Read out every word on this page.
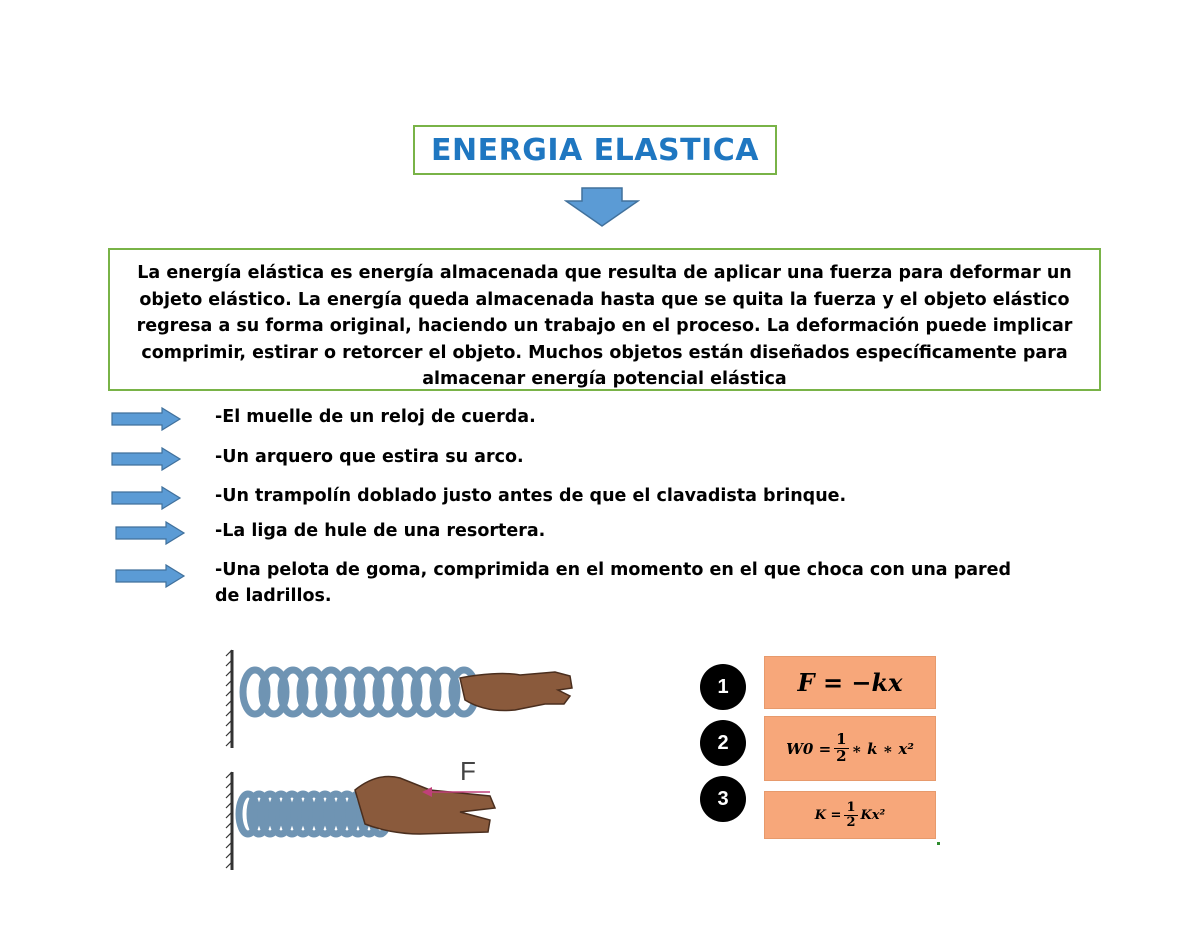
ENERGIA ELASTICA
La energía elástica es energía almacenada que resulta de aplicar una fuerza para deformar un objeto elástico. La energía queda almacenada hasta que se quita la fuerza y el objeto elástico regresa a su forma original, haciendo un trabajo en el proceso. La deformación puede implicar comprimir, estirar o retorcer el objeto. Muchos objetos están diseñados específicamente para almacenar energía potencial elástica
-El muelle de un reloj de cuerda.
-Un arquero que estira su arco.
-Un trampolín doblado justo antes de que el clavadista brinque.
-La liga de hule de una resortera.
-Una pelota de goma, comprimida en el momento en el que choca con una pared de ladrillos.
F
1	F = −kx
2	$W0 = \frac{1}{2}$ ∗ k ∗ x²
3
$K = \frac{1}{2} Kx^2$
